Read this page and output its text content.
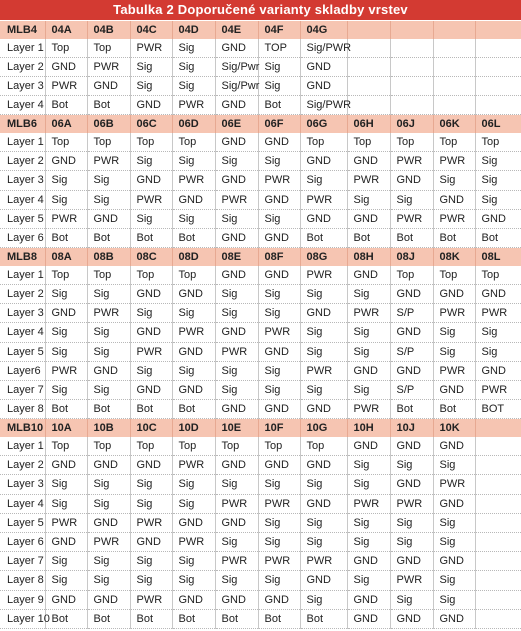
Tabulka 2 Doporučené varianty skladby vrstev
MLB4	04A	04B	04C	04D	04E	04F	04G				
Layer 1	Top	Top	PWR	Sig	GND	TOP	Sig/PWR				
Layer 2	GND	PWR	Sig	Sig	Sig/Pwr	Sig	GND				
Layer 3	PWR	GND	Sig	Sig	Sig/Pwr	Sig	GND				
Layer 4	Bot	Bot	GND	PWR	GND	Bot	Sig/PWR				
MLB6	06A	06B	06C	06D	06E	06F	06G	06H	06J	06K	06L
Layer 1	Top	Top	Top	Top	GND	GND	Top	Top	Top	Top	Top
Layer 2	GND	PWR	Sig	Sig	Sig	Sig	GND	GND	PWR	PWR	Sig
Layer 3	Sig	Sig	GND	PWR	GND	PWR	Sig	PWR	GND	Sig	Sig
Layer 4	Sig	Sig	PWR	GND	PWR	GND	PWR	Sig	Sig	GND	Sig
Layer 5	PWR	GND	Sig	Sig	Sig	Sig	GND	GND	PWR	PWR	GND
Layer 6	Bot	Bot	Bot	Bot	GND	GND	Bot	Bot	Bot	Bot	Bot
MLB8	08A	08B	08C	08D	08E	08F	08G	08H	08J	08K	08L
Layer 1	Top	Top	Top	Top	GND	GND	PWR	GND	Top	Top	Top
Layer 2	Sig	Sig	GND	GND	Sig	Sig	Sig	Sig	GND	GND	GND
Layer 3	GND	PWR	Sig	Sig	Sig	Sig	GND	PWR	S/P	PWR	PWR
Layer 4	Sig	Sig	GND	PWR	GND	PWR	Sig	Sig	GND	Sig	Sig
Layer 5	Sig	Sig	PWR	GND	PWR	GND	Sig	Sig	S/P	Sig	Sig
Layer6	PWR	GND	Sig	Sig	Sig	Sig	PWR	GND	GND	PWR	GND
Layer 7	Sig	Sig	GND	GND	Sig	Sig	Sig	Sig	S/P	GND	PWR
Layer 8	Bot	Bot	Bot	Bot	GND	GND	GND	PWR	Bot	Bot	BOT
MLB10	10A	10B	10C	10D	10E	10F	10G	10H	10J	10K	
Layer 1	Top	Top	Top	Top	Top	Top	Top	GND	GND	GND	
Layer 2	GND	GND	GND	PWR	GND	GND	GND	Sig	Sig	Sig	
Layer 3	Sig	Sig	Sig	Sig	Sig	Sig	Sig	Sig	GND	PWR	
Layer 4	Sig	Sig	Sig	Sig	PWR	PWR	GND	PWR	PWR	GND	
Layer 5	PWR	GND	PWR	GND	GND	Sig	Sig	Sig	Sig	Sig	
Layer 6	GND	PWR	GND	PWR	Sig	Sig	Sig	Sig	Sig	Sig	
Layer 7	Sig	Sig	Sig	Sig	PWR	PWR	PWR	GND	GND	GND	
Layer 8	Sig	Sig	Sig	Sig	Sig	Sig	GND	Sig	PWR	Sig	
Layer 9	GND	GND	PWR	GND	GND	GND	Sig	GND	Sig	Sig	
Layer 10	Bot	Bot	Bot	Bot	Bot	Bot	Bot	GND	GND	GND	
